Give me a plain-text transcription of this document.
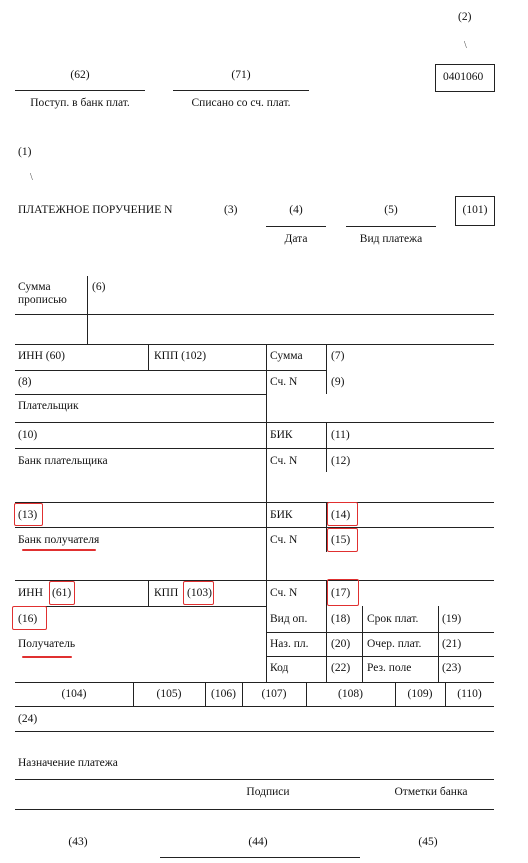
(2)
\
0401060
(62)
Поступ. в банк плат.
(71)
Списано со сч. плат.
(1)
\
ПЛАТЕЖНОЕ ПОРУЧЕНИЕ N	(3)	(4)
Дата
(5)
Вид платежа
(101)
Сумма прописью
(6)
ИНН (60)	КПП (102)	Сумма (7)
(8)	Сч. N	(9)
Плательщик
(10)	БИК	(11)
Банк плательщика	Сч. N	(12)
(13)	БИК	(14)
Банк получателя	Сч. N	(15)
ИНН (61)	КПП (103)	Сч. N	(17)
(16)
Получатель
Вид оп. (18) Срок плат. (19)
Наз. пл. (20) Очер. плат. (21)
Код	(22) Рез. поле	(23)
(104)	(105)	(106)	(107)	(108)	(109)	(110)
(24)
Назначение платежа
Подписи	Отметки банка
(43)	(44)	(45)
